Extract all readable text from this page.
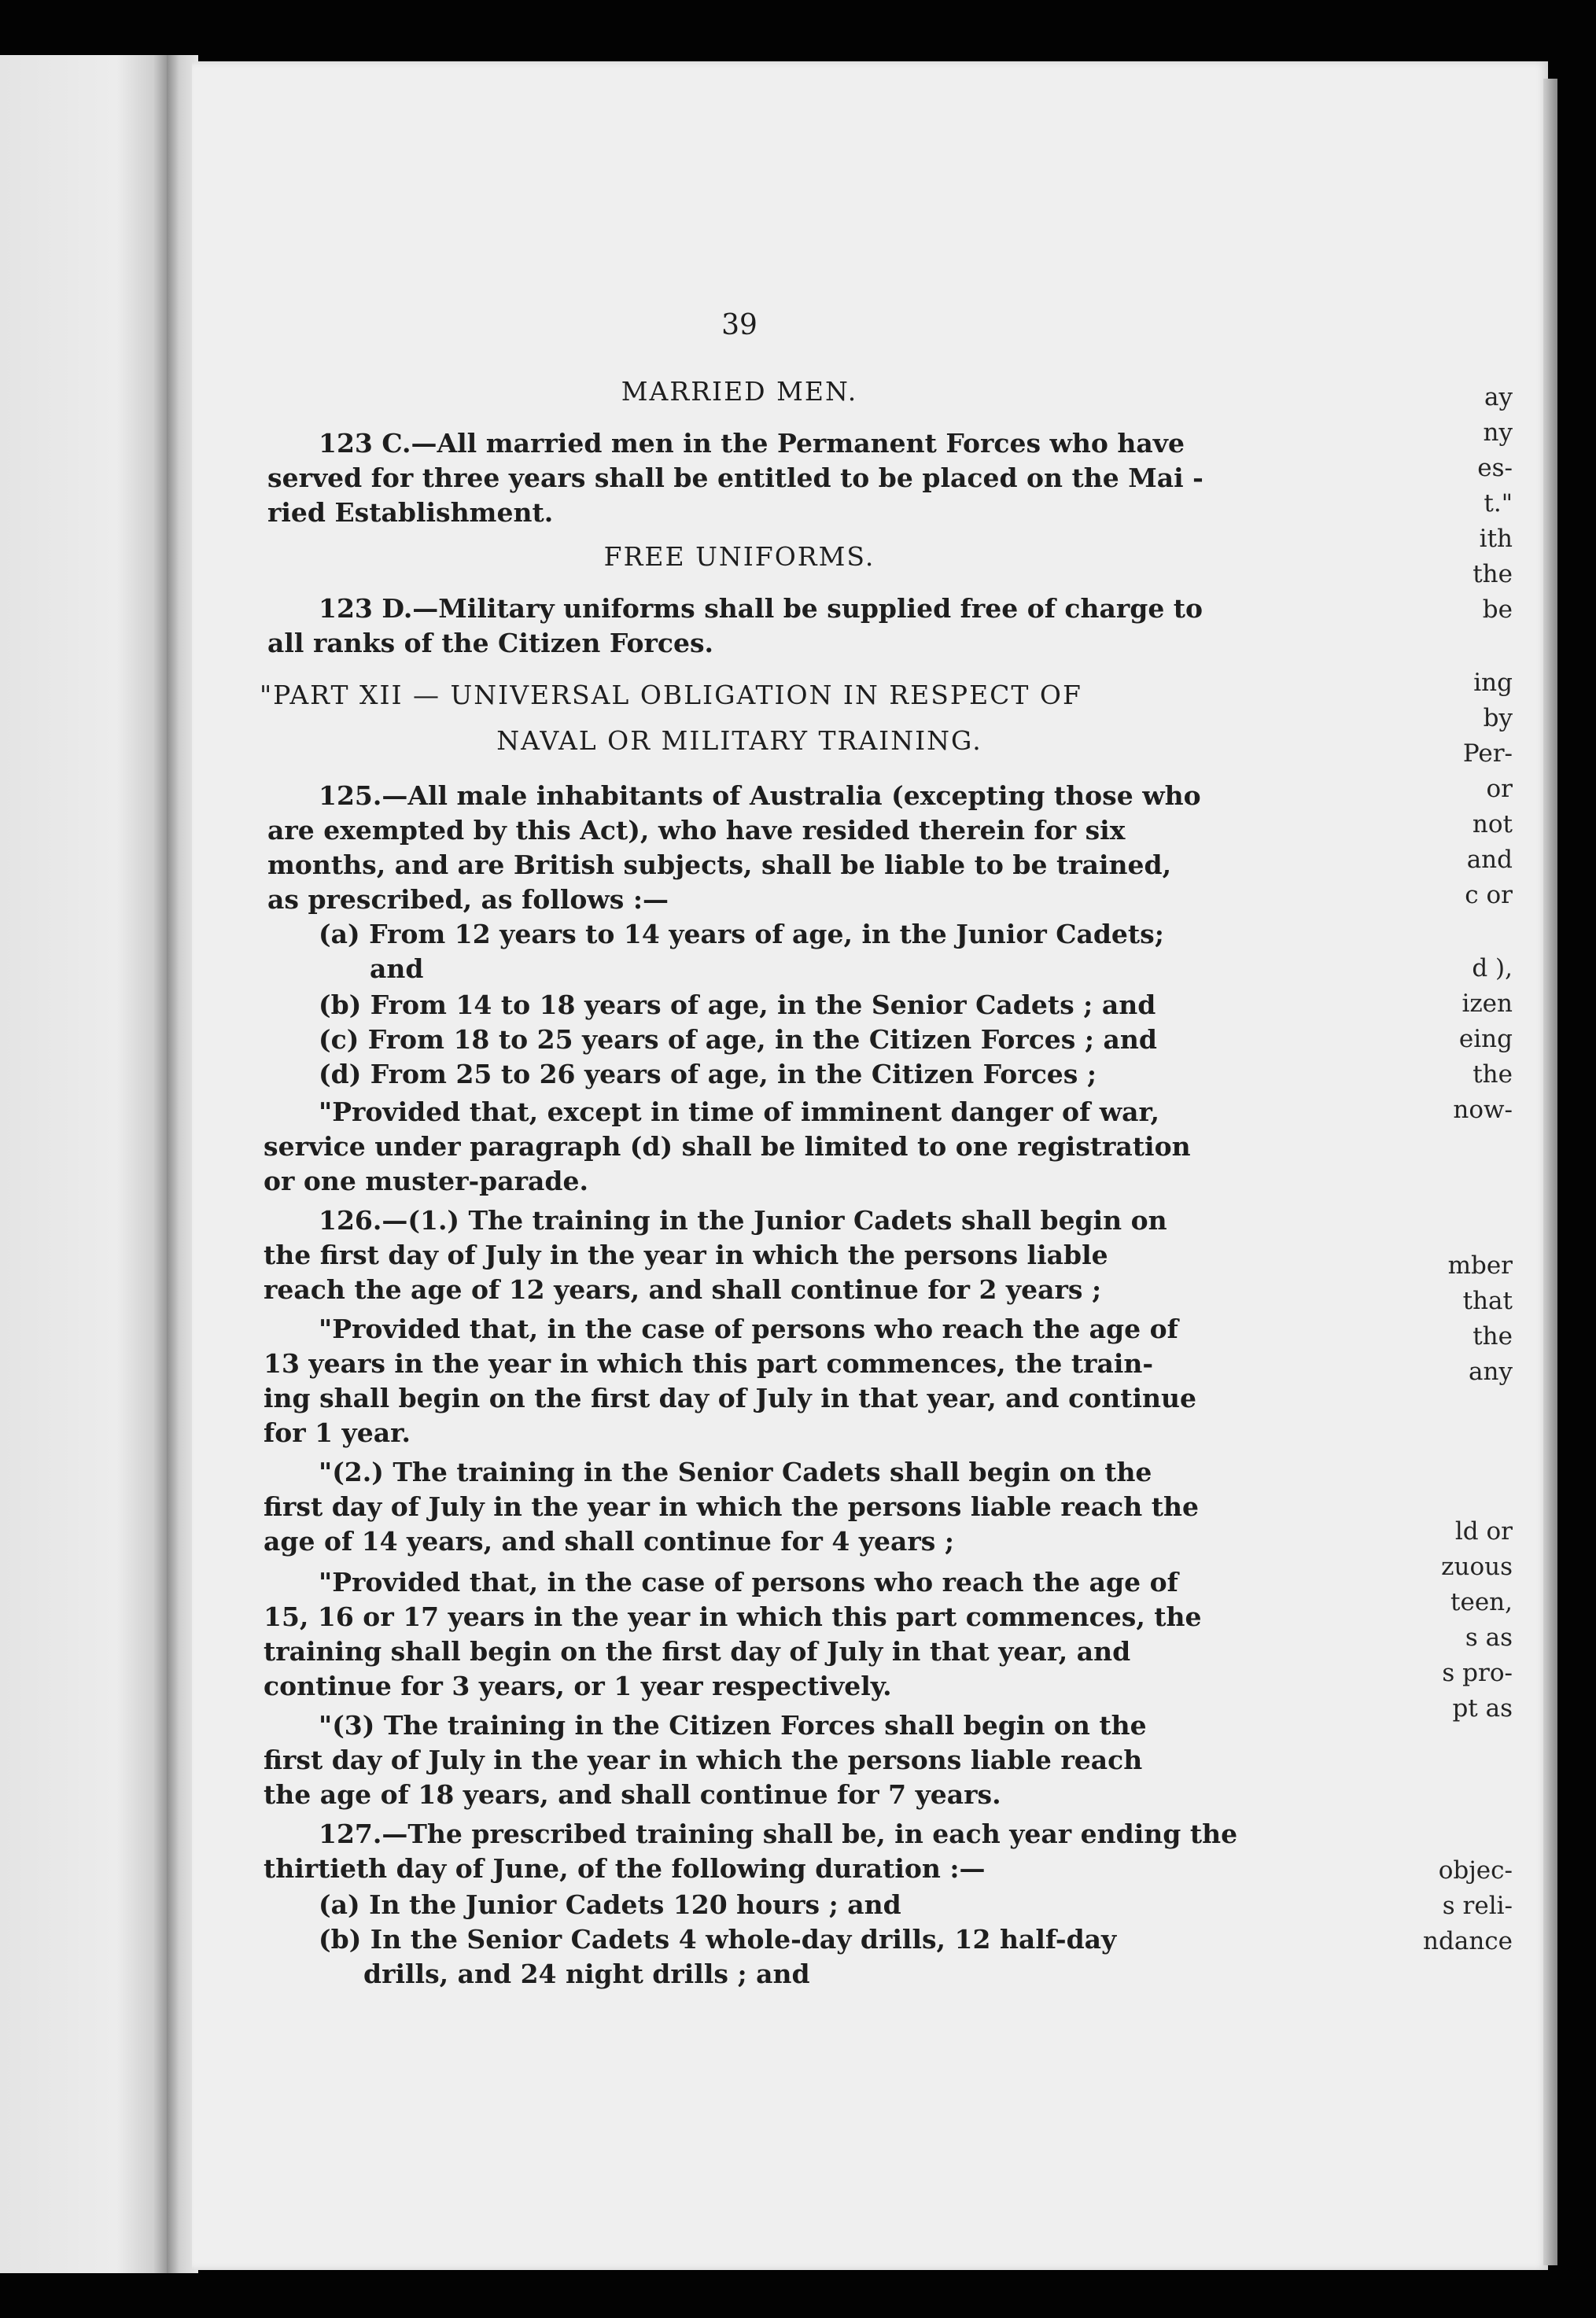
ay
ny
es-
t."
ith
the
be
ing
by
Per-
or
not
and
c or
d ),
izen
eing
the
now-
mber
that
the
any
ld or
zuous
teen,
s as
s pro-
pt as
objec-
s reli-
ndance
39
MARRIED MEN.
123 C.—All married men in the Permanent Forces who have
served for three years shall be entitled to be placed on the Mai -
ried Establishment.
FREE UNIFORMS.
123 D.—Military uniforms shall be supplied free of charge to
all ranks of the Citizen Forces.
"PART XII — UNIVERSAL OBLIGATION IN RESPECT OF
NAVAL OR MILITARY TRAINING.
125.—All male inhabitants of Australia (excepting those who
are exempted by this Act), who have resided therein for six
months, and are British subjects, shall be liable to be trained,
as prescribed, as follows :—
(a) From 12 years to 14 years of age, in the Junior Cadets;
and
(b) From 14 to 18 years of age, in the Senior Cadets ; and
(c) From 18 to 25 years of age, in the Citizen Forces ; and
(d) From 25 to 26 years of age, in the Citizen Forces ;
"Provided that, except in time of imminent danger of war,
service under paragraph (d) shall be limited to one registration
or one muster-parade.
126.—(1.) The training in the Junior Cadets shall begin on
the first day of July in the year in which the persons liable
reach the age of 12 years, and shall continue for 2 years ;
"Provided that, in the case of persons who reach the age of
13 years in the year in which this part commences, the train-
ing shall begin on the first day of July in that year, and continue
for 1 year.
"(2.) The training in the Senior Cadets shall begin on the
first day of July in the year in which the persons liable reach the
age of 14 years, and shall continue for 4 years ;
"Provided that, in the case of persons who reach the age of
15, 16 or 17 years in the year in which this part commences, the
training shall begin on the first day of July in that year, and
continue for 3 years, or 1 year respectively.
"(3) The training in the Citizen Forces shall begin on the
first day of July in the year in which the persons liable reach
the age of 18 years, and shall continue for 7 years.
127.—The prescribed training shall be, in each year ending the
thirtieth day of June, of the following duration :—
(a) In the Junior Cadets 120 hours ; and
(b) In the Senior Cadets 4 whole-day drills, 12 half-day
drills, and 24 night drills ; and
